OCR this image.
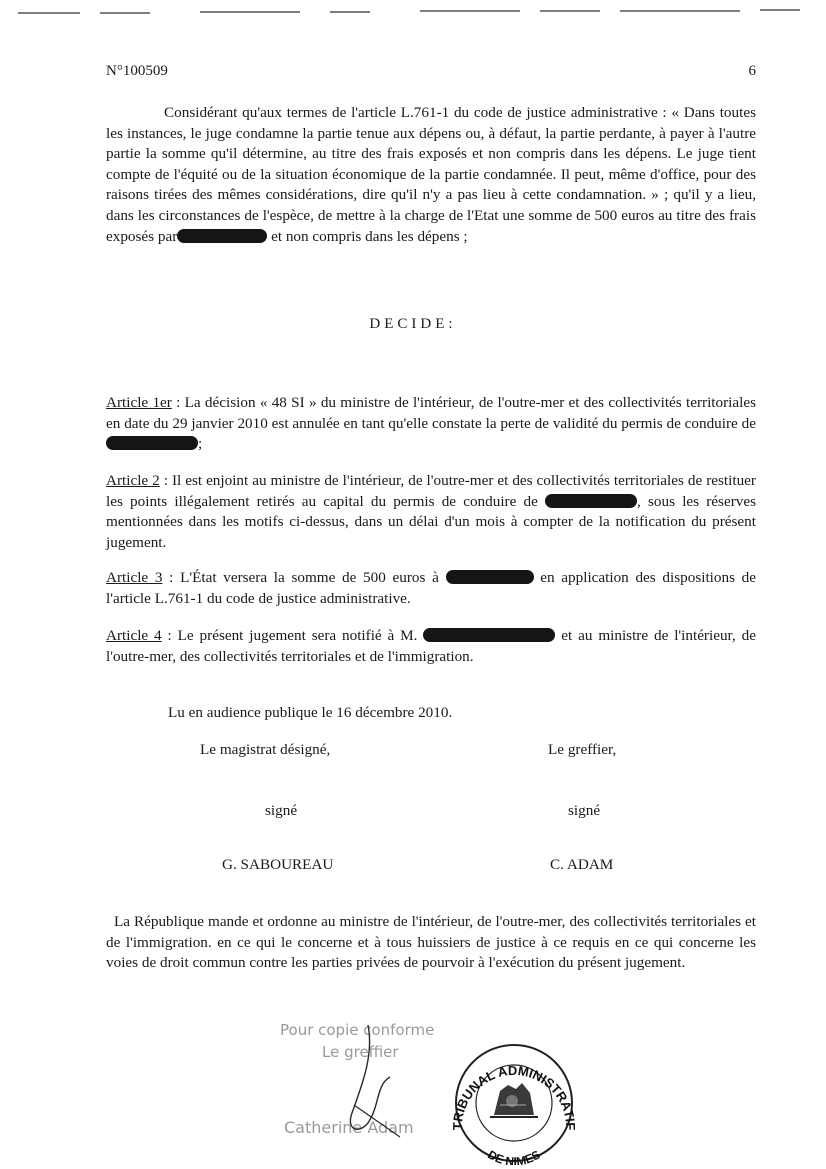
N°100509	6
Considérant qu'aux termes de l'article L.761-1 du code de justice administrative : « Dans toutes les instances, le juge condamne la partie tenue aux dépens ou, à défaut, la partie perdante, à payer à l'autre partie la somme qu'il détermine, au titre des frais exposés et non compris dans les dépens. Le juge tient compte de l'équité ou de la situation économique de la partie condamnée. Il peut, même d'office, pour des raisons tirées des mêmes considérations, dire qu'il n'y a pas lieu à cette condamnation. » ; qu'il y a lieu, dans les circonstances de l'espèce, de mettre à la charge de l'Etat une somme de 500 euros au titre des frais exposés par	et non compris dans les dépens ;
DECIDE:
Article 1er : La décision « 48 SI » du ministre de l'intérieur, de l'outre-mer et des collectivités territoriales en date du 29 janvier 2010 est annulée en tant qu'elle constate la perte de validité du permis de conduire de ;
Article 2 : Il est enjoint au ministre de l'intérieur, de l'outre-mer et des collectivités territoriales de restituer les points illégalement retirés au capital du permis de conduire de	, sous les réserves mentionnées dans les motifs ci-dessus, dans un délai d'un mois à compter de la notification du présent jugement.
Article 3 : L'État versera la somme de 500 euros à	en application des dispositions de l'article L.761-1 du code de justice administrative.
Article 4 : Le présent jugement sera notifié à M.	et au ministre de l'intérieur, de l'outre-mer, des collectivités territoriales et de l'immigration.
Lu en audience publique le 16 décembre 2010.
Le magistrat désigné,	Le greffier,
signé	signé
G. SABOUREAU	C. ADAM
La République mande et ordonne au ministre de l'intérieur, de l'outre-mer, des collectivités territoriales et de l'immigration. en ce qui le concerne et à tous huissiers de justice à ce requis en ce qui concerne les voies de droit commun contre les parties privées de pourvoir à l'exécution du présent jugement.
Pour copie conforme
Le greffier
Catherine Adam	TRIBUNAL ADMINISTRATIF
DE NIMES
